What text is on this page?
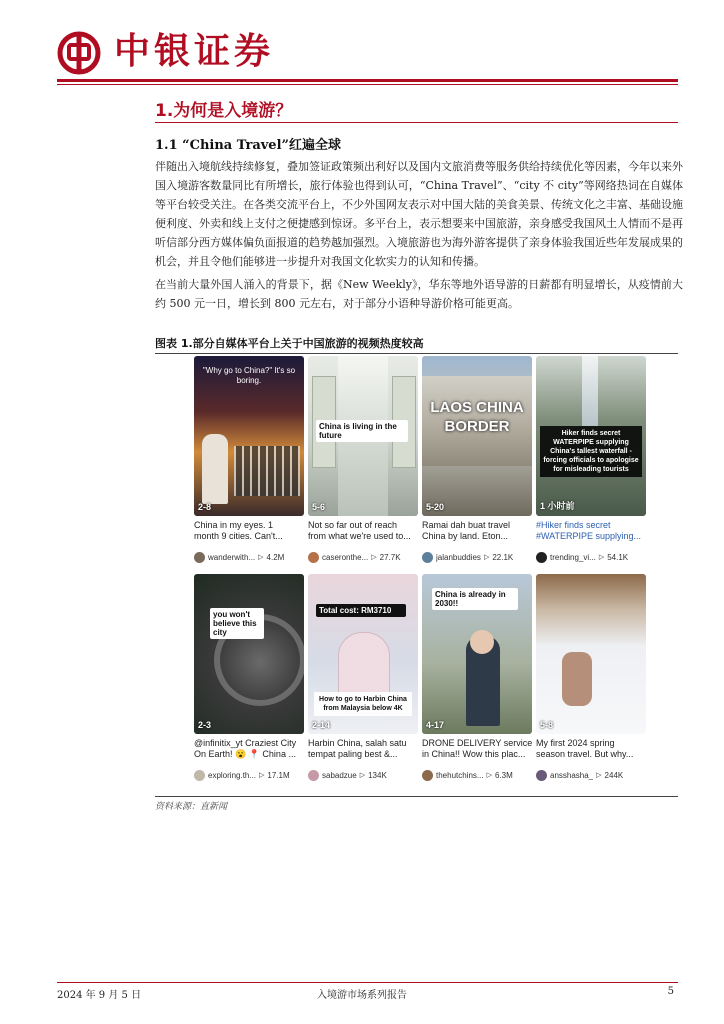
中银证券
1.为何是入境游？
1.1 “China Travel”红遍全球

伴随出入境航线持续修复，叠加签证政策频出利好以及国内文旅消费等服务供给持续优化等因素，今年以来外国入境游客数量同比有所增长，旅行体验也得到认可，“China Travel”、“city 不 city”等网络热词在自媒体等平台较受关注。在各类交流平台上，不少外国网友表示对中国大陆的美食美景、传统文化之丰富、基础设施便利度、外卖和线上支付之便捷感到惊讶。多平台上，表示想要来中国旅游，亲身感受我国风土人情而不是再听信部分西方媒体偏负面报道的趋势越加强烈。入境旅游也为海外游客提供了亲身体验我国近些年发展成果的机会，并且令他们能够进一步提升对我国文化软实力的认知和传播。

在当前大量外国人涌入的背景下，据《New Weekly》，华东等地外语导游的日薪都有明显增长，从疫情前大约 500 元一日，增长到 800 元左右，对于部分小语种导游价格可能更高。

图表 1.部分自媒体平台上关于中国旅游的视频热度较高
"Why go to China?" It's so boring.
2-8
China in my eyes. 1
month 9 cities. Can't...
wanderwith... ▷ 4.2M
China is living in the future
5-6
Not so far out of reach
from what we're used to...
caseronthe... ▷ 27.7K
LAOS CHINA BORDER
5-20
Ramai dah buat travel
China by land. Eton...
jalanbuddies ▷ 22.1K
Hiker finds secret WATERPIPE supplying China's tallest waterfall - forcing officials to apologise for misleading tourists
1 小时前
#Hiker finds secret
#WATERPIPE supplying...
trending_vi... ▷ 54.1K
you won't believe this city
2-3
@infinitix_yt Craziest City
On Earth! 😮 📍 China ...
exploring.th... ▷ 17.1M
Total cost: RM3710
How to go to Harbin China from Malaysia below 4K
2-14
Harbin China, salah satu
tempat paling best &...
sabadzue ▷ 134K
China is already in 2030!!
4-17
DRONE DELIVERY service
in China!! Wow this plac...
thehutchins... ▷ 6.3M
5-8
My first 2024 spring
season travel. But why...
ansshasha_ ▷ 244K
资料来源：直新闻
2024 年 9 月 5 日	入境游市场系列报告	5
